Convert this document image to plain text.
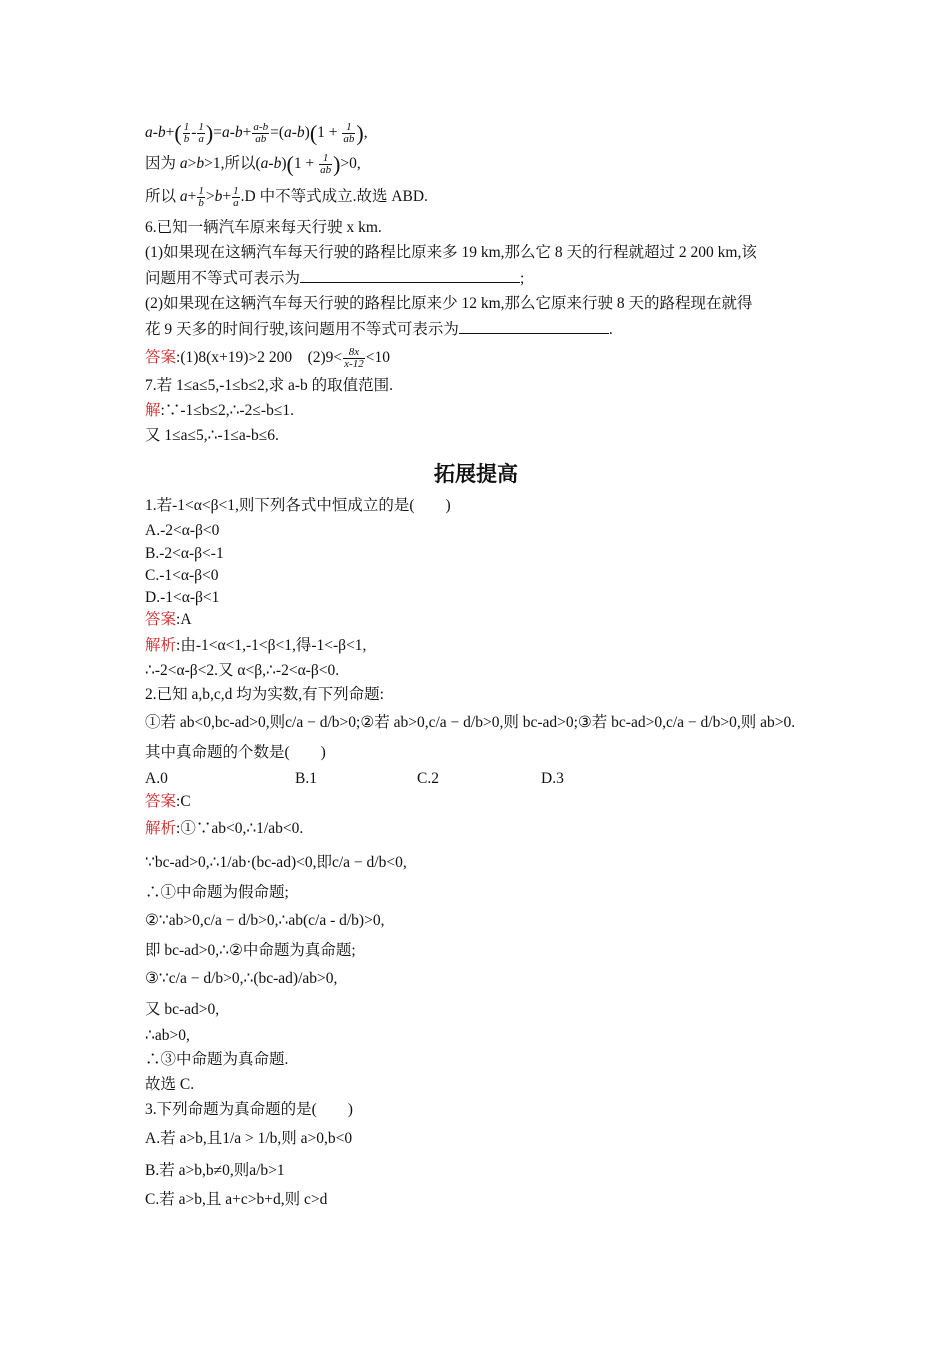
$a-b+( \frac{1}{b} - \frac{1}{a} )=a-b+ \frac{a-b}{ab} =(a-b)(1 + \frac{1}{ab}$ ),
因为 a>b>1,所以$(a-b)(1 + \frac{1}{ab} )>0$,
所以 $a+ \frac{1}{b} >b+ \frac{1}{a} .D$ 中不等式成立.故选 ABD.
6.已知一辆汽车原来每天行驶 x km.
(1)如果现在这辆汽车每天行驶的路程比原来多 19 km,那么它 8 天的行程就超过 2 200 km,该
问题用不等式可表示为	;
(2)如果现在这辆汽车每天行驶的路程比原来少 12 km,那么它原来行驶 8 天的路程现在就得
花 9 天多的时间行驶,该问题用不等式可表示为	.
答案:(1)8(x+19)>2 200　$(2)9< \frac{8x}{x-12} <10$
7.若 1≤a≤5,-1≤b≤2,求 a-b 的取值范围.
解:∵-1≤b≤2,∴-2≤-b≤1.
又 1≤a≤5,∴-1≤a-b≤6.
拓展提高
1.若-1<α<β<1,则下列各式中恒成立的是(　　)
A.-2<α-β<0
B.-2<α-β<-1
C.-1<α-β<0
D.-1<α-β<1
答案:A
解析:由-1<α<1,-1<β<1,得-1<-β<1,
∴-2<α-β<2.又 α<β,∴-2<α-β<0.
2.已知 a,b,c,d 均为实数,有下列命题:
①若 ab<0,bc-ad>0,则c/a − d/b>0;②若 ab>0,c/a − d/b>0,则 bc-ad>0;③若 bc-ad>0,c/a − d/b>0,则 ab>0.
其中真命题的个数是(　　)
A.0	B.1	C.2	D.3
答案:C
解析:①∵ab<0,∴1/ab<0.
∵bc-ad>0,∴1/ab·(bc-ad)<0,即c/a − d/b<0,
∴①中命题为假命题;
②∵ab>0,c/a − d/b>0,∴ab(c/a - d/b)>0,
即 bc-ad>0,∴②中命题为真命题;
③∵c/a − d/b>0,∴(bc-ad)/ab>0,
又 bc-ad>0,
∴ab>0,
∴③中命题为真命题.
故选 C.
3.下列命题为真命题的是(　　)
A.若 a>b,且1/a > 1/b,则 a>0,b<0
B.若 a>b,b≠0,则a/b>1
C.若 a>b,且 a+c>b+d,则 c>d
